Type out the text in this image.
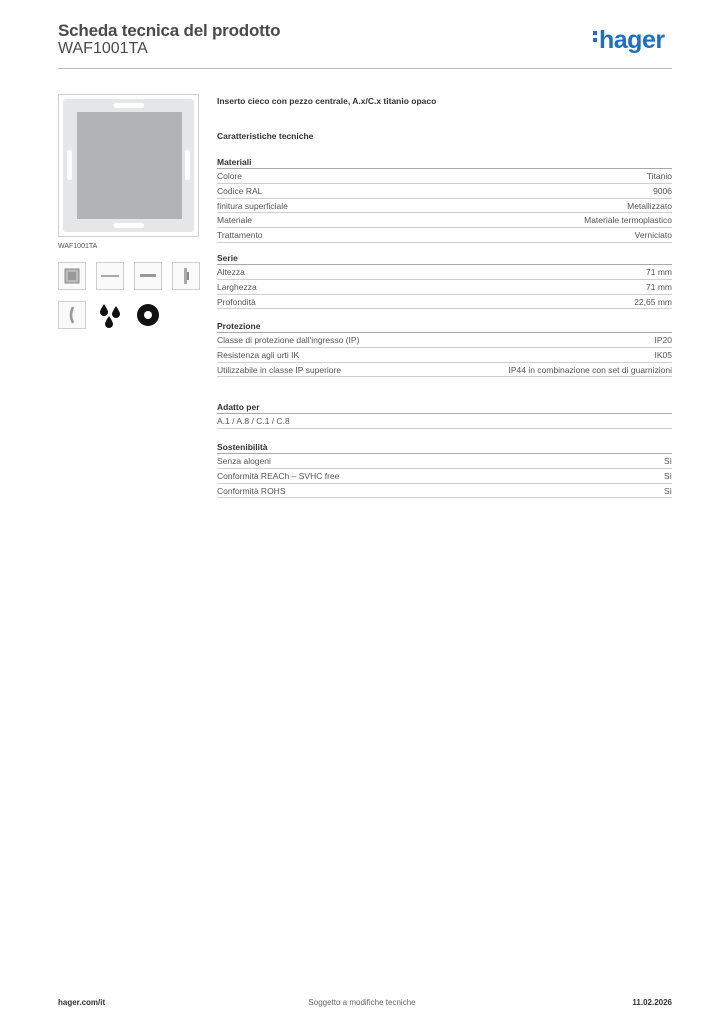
Scheda tecnica del prodotto
WAF1001TA	hager
WAF1001TA
Inserto cieco con pezzo centrale, A.x/C.x titanio opaco
Caratteristiche tecniche
Materiali
Colore	Titanio
Codice RAL	9006
finitura superficiale	Metallizzato
Materiale	Materiale termoplastico
Trattamento	Verniciato
Serie
Altezza	71 mm
Larghezza	71 mm
Profondità	22,65 mm
Protezione
Classe di protezione dall'ingresso (IP)	IP20
Resistenza agli urti IK	IK05
Utilizzabile in classe IP superiore	IP44 in combinazione con set di guarnizioni
Adatto per
A.1 / A.8 / C.1 / C.8
Sostenibilità
Senza alogeni	Sì
Conformità REACh – SVHC free	Sì
Conformità ROHS	Sì
hager.com/it	Soggetto a modifiche tecniche	11.02.2026
